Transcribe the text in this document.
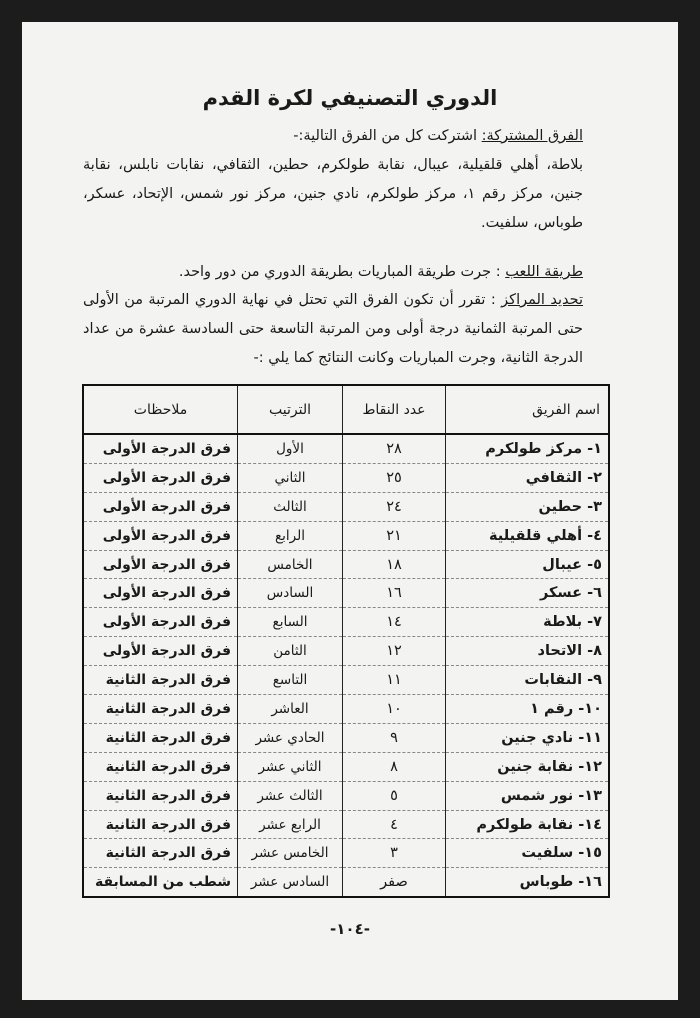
الدوري التصنيفي لكرة القدم
الفرق المشتركة: اشتركت كل من الفرق التالية:-
بلاطة، أهلي قلقيلية، عيبال، نقابة طولكرم، حطين، الثقافي، نقابات نابلس، نقابة جنين، مركز رقم ١، مركز طولكرم، نادي جنين، مركز نور شمس، الإتحاد، عسكر، طوباس، سلفيت.
طريقة اللعب : جرت طريقة المباريات بطريقة الدوري من دور واحد.
تحديد المراكز : تقرر أن تكون الفرق التي تحتل في نهاية الدوري المرتبة من الأولى حتى المرتبة الثمانية درجة أولى ومن المرتبة التاسعة حتى السادسة عشرة من عداد الدرجة الثانية، وجرت المباريات وكانت النتائج كما يلي :-
اسم الفريق	عدد النقاط	الترتيب	ملاحظات
١- مركز طولكرم	٢٨	الأول	فرق الدرجة الأولى
٢- الثقافي	٢٥	الثاني	فرق الدرجة الأولى
٣- حطين	٢٤	الثالث	فرق الدرجة الأولى
٤- أهلي قلقيلية	٢١	الرابع	فرق الدرجة الأولى
٥- عيبال	١٨	الخامس	فرق الدرجة الأولى
٦- عسكر	١٦	السادس	فرق الدرجة الأولى
٧- بلاطة	١٤	السابع	فرق الدرجة الأولى
٨- الاتحاد	١٢	الثامن	فرق الدرجة الأولى
٩- النقابات	١١	التاسع	فرق الدرجة الثانية
١٠- رقم ١	١٠	العاشر	فرق الدرجة الثانية
١١- نادي جنين	٩	الحادي عشر	فرق الدرجة الثانية
١٢- نقابة جنين	٨	الثاني عشر	فرق الدرجة الثانية
١٣- نور شمس	٥	الثالث عشر	فرق الدرجة الثانية
١٤- نقابة طولكرم	٤	الرابع عشر	فرق الدرجة الثانية
١٥- سلفيت	٣	الخامس عشر	فرق الدرجة الثانية
١٦- طوباس	صفر	السادس عشر	شطب من المسابقة
-١٠٤-
